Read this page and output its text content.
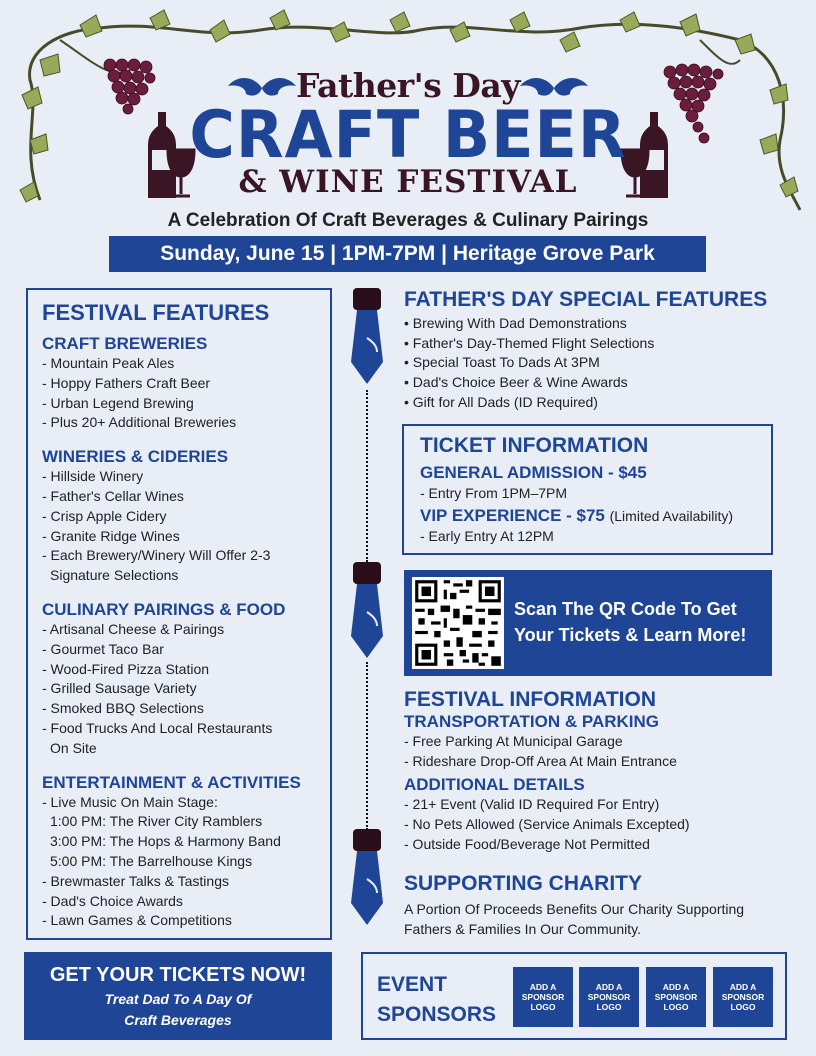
Father's Day
CRAFT BEER
& WINE FESTIVAL
A Celebration Of Craft Beverages & Culinary Pairings
Sunday, June 15 | 1PM-7PM | Heritage Grove Park
FESTIVAL FEATURES
CRAFT BREWERIES
- Mountain Peak Ales
- Hoppy Fathers Craft Beer
- Urban Legend Brewing
- Plus 20+ Additional Breweries
WINERIES & CIDERIES
- Hillside Winery
- Father's Cellar Wines
- Crisp Apple Cidery
- Granite Ridge Wines
- Each Brewery/Winery Will Offer 2-3
Signature Selections
CULINARY PAIRINGS & FOOD
- Artisanal Cheese & Pairings
- Gourmet Taco Bar
- Wood-Fired Pizza Station
- Grilled Sausage Variety
- Smoked BBQ Selections
- Food Trucks And Local Restaurants
On Site
ENTERTAINMENT & ACTIVITIES
- Live Music On Main Stage:
1:00 PM: The River City Ramblers
3:00 PM: The Hops & Harmony Band
5:00 PM: The Barrelhouse Kings
- Brewmaster Talks & Tastings
- Dad's Choice Awards
- Lawn Games & Competitions
FATHER'S DAY SPECIAL FEATURES
• Brewing With Dad Demonstrations
• Father's Day-Themed Flight Selections
• Special Toast To Dads At 3PM
• Dad's Choice Beer & Wine Awards
• Gift for All Dads (ID Required)
TICKET INFORMATION
GENERAL ADMISSION - $45
- Entry From 1PM–7PM
VIP EXPERIENCE - $75 (Limited Availability)
- Early Entry At 12PM
Scan The QR Code To Get
Your Tickets & Learn More!
FESTIVAL INFORMATION
TRANSPORTATION & PARKING
- Free Parking At Municipal Garage
- Rideshare Drop-Off Area At Main Entrance
ADDITIONAL DETAILS
- 21+ Event (Valid ID Required For Entry)
- No Pets Allowed (Service Animals Excepted)
- Outside Food/Beverage Not Permitted
SUPPORTING CHARITY
A Portion Of Proceeds Benefits Our Charity Supporting
Fathers & Families In Our Community.
GET YOUR TICKETS NOW!
Treat Dad To A Day Of
Craft Beverages
EVENT
SPONSORS
ADD A SPONSOR LOGO
ADD A SPONSOR LOGO
ADD A SPONSOR LOGO
ADD A SPONSOR LOGO
